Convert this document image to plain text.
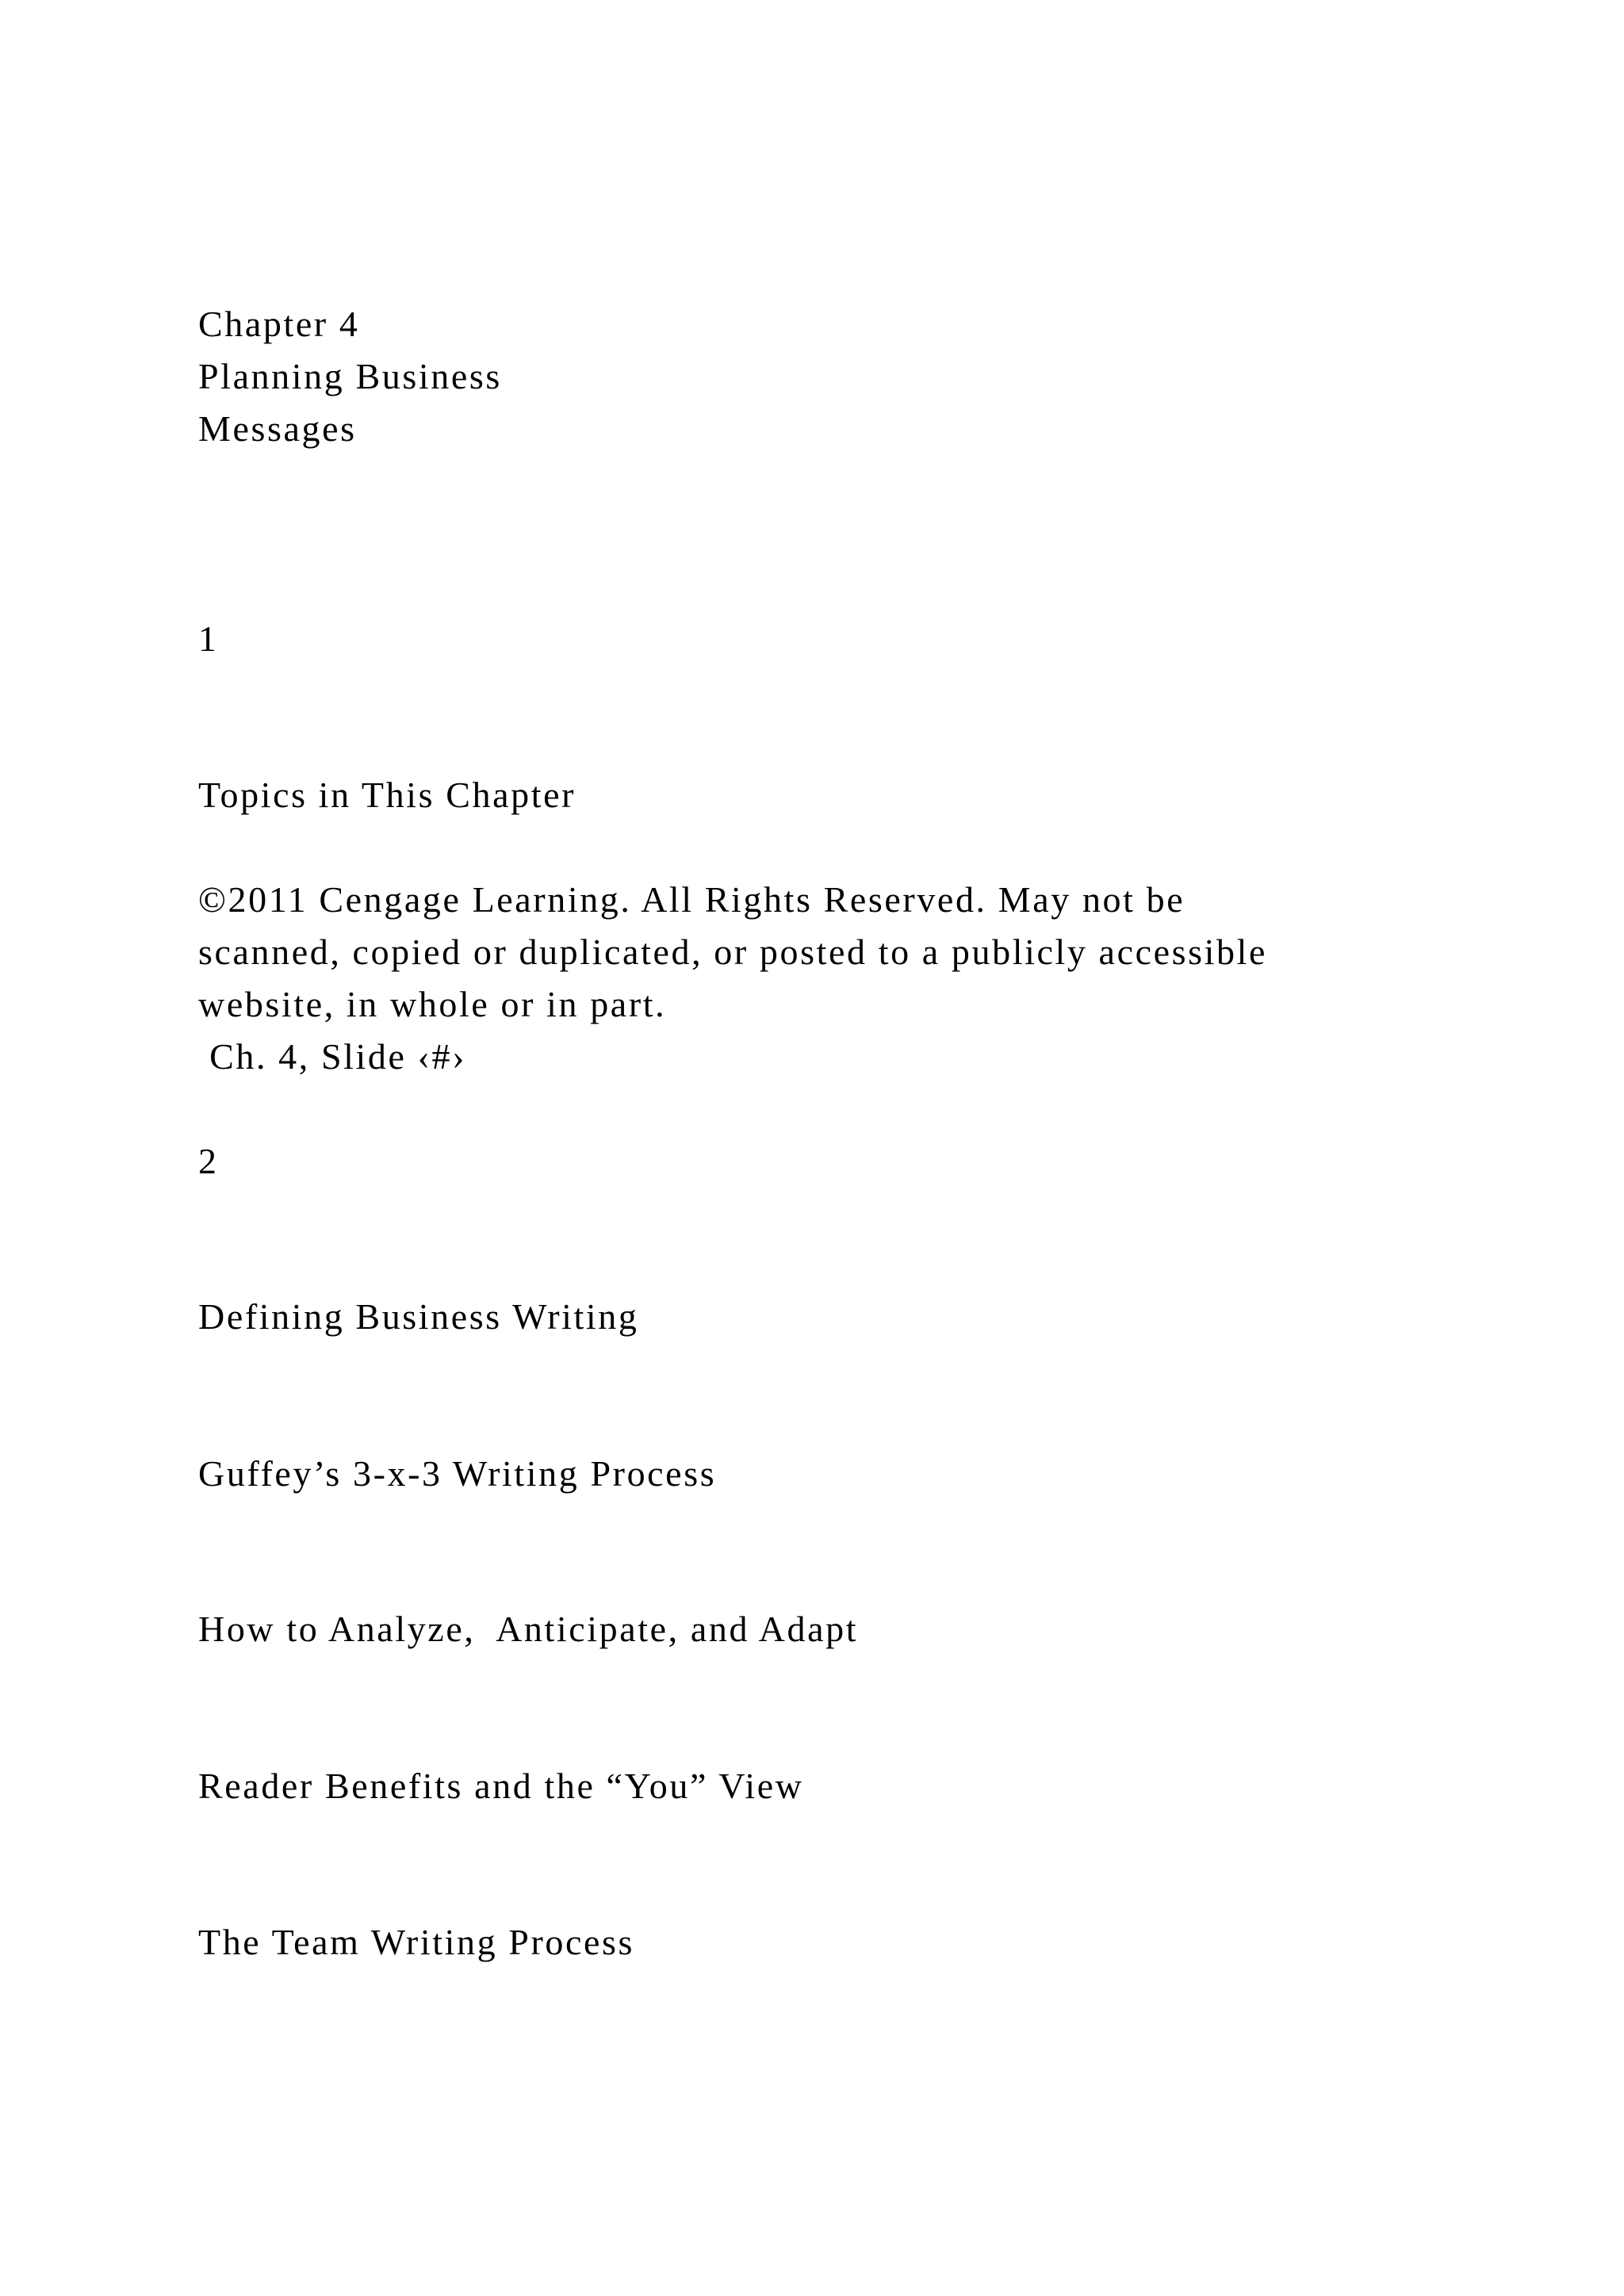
Chapter 4

Planning Business

Messages

1

Topics in This Chapter

©2011 Cengage Learning. All Rights Reserved. May not be

scanned, copied or duplicated, or posted to a publicly accessible

website, in whole or in part.

Ch. 4, Slide ‹#›

2

Defining Business Writing

Guffey’s 3-x-3 Writing Process

How to Analyze,  Anticipate, and Adapt

Reader Benefits and the “You” View

The Team Writing Process
